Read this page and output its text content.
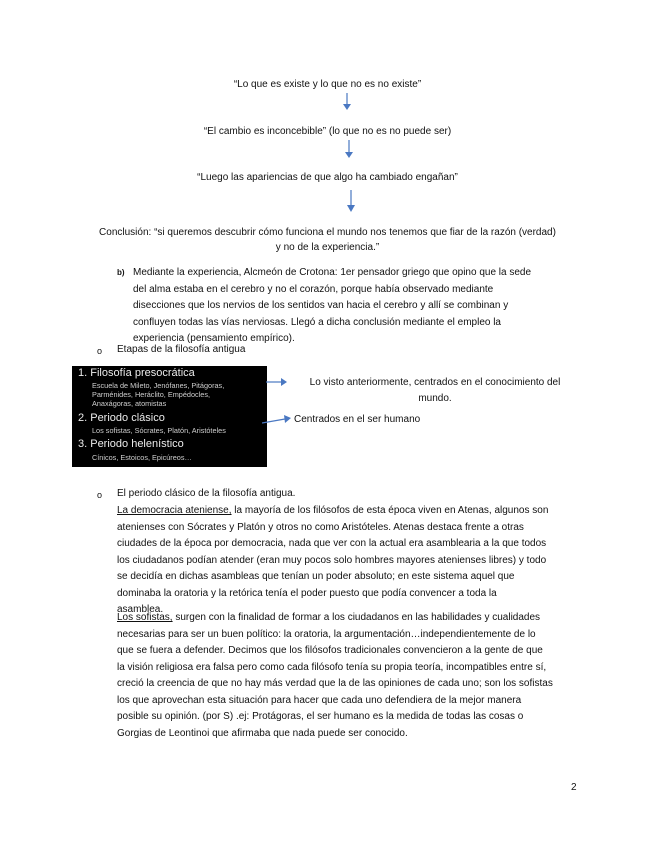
“Lo que es existe y lo que no es no existe”
“El cambio es inconcebible” (lo que no es no puede ser)
“Luego las apariencias de que algo ha cambiado engañan”
Conclusión: “si queremos descubrir cómo funciona el mundo nos tenemos que fiar de la razón (verdad)
y no de la experiencia.”
b) Mediante la experiencia, Alcmeón de Crotona: 1er pensador griego que opino que la sede
del alma estaba en el cerebro y no el corazón, porque había observado mediante
disecciones que los nervios de los sentidos van hacia el cerebro y allí se combinan y
confluyen todas las vías nerviosas. Llegó a dicha conclusión mediante el empleo la
experiencia (pensamiento empírico).
o Etapas de la filosofía antigua
1. Filosofía presocrática
Escuela de Mileto, Jenófanes, Pitágoras,
Parménides, Heráclito, Empédocles,
Anaxágoras, atomistas
2. Periodo clásico
Los sofistas, Sócrates, Platón, Aristóteles
3. Periodo helenístico
Cínicos, Estoicos, Epicúreos…
Lo visto anteriormente, centrados en el conocimiento del
mundo.
Centrados en el ser humano
o El periodo clásico de la filosofía antigua.
La democracia ateniense, la mayoría de los filósofos de esta época viven en Atenas, algunos son
atenienses con Sócrates y Platón y otros no como Aristóteles. Atenas destaca frente a otras
ciudades de la época por democracia, nada que ver con la actual era asamblearia a la que todos
los ciudadanos podían atender (eran muy pocos solo hombres mayores atenienses libres) y todo
se decidía en dichas asambleas que tenían un poder absoluto; en este sistema aquel que
dominaba la oratoria y la retórica tenía el poder puesto que podía convencer a toda la
asamblea.
Los sofistas, surgen con la finalidad de formar a los ciudadanos en las habilidades y cualidades
necesarias para ser un buen político: la oratoria, la argumentación…independientemente de lo
que se fuera a defender. Decimos que los filósofos tradicionales convencieron a la gente de que
la visión religiosa era falsa pero como cada filósofo tenía su propia teoría, incompatibles entre sí,
creció la creencia de que no hay más verdad que la de las opiniones de cada uno; son los sofistas
los que aprovechan esta situación para hacer que cada uno defendiera de la mejor manera
posible su opinión. (por S) .ej: Protágoras, el ser humano es la medida de todas las cosas o
Gorgias de Leontinoi que afirmaba que nada puede ser conocido.
2
